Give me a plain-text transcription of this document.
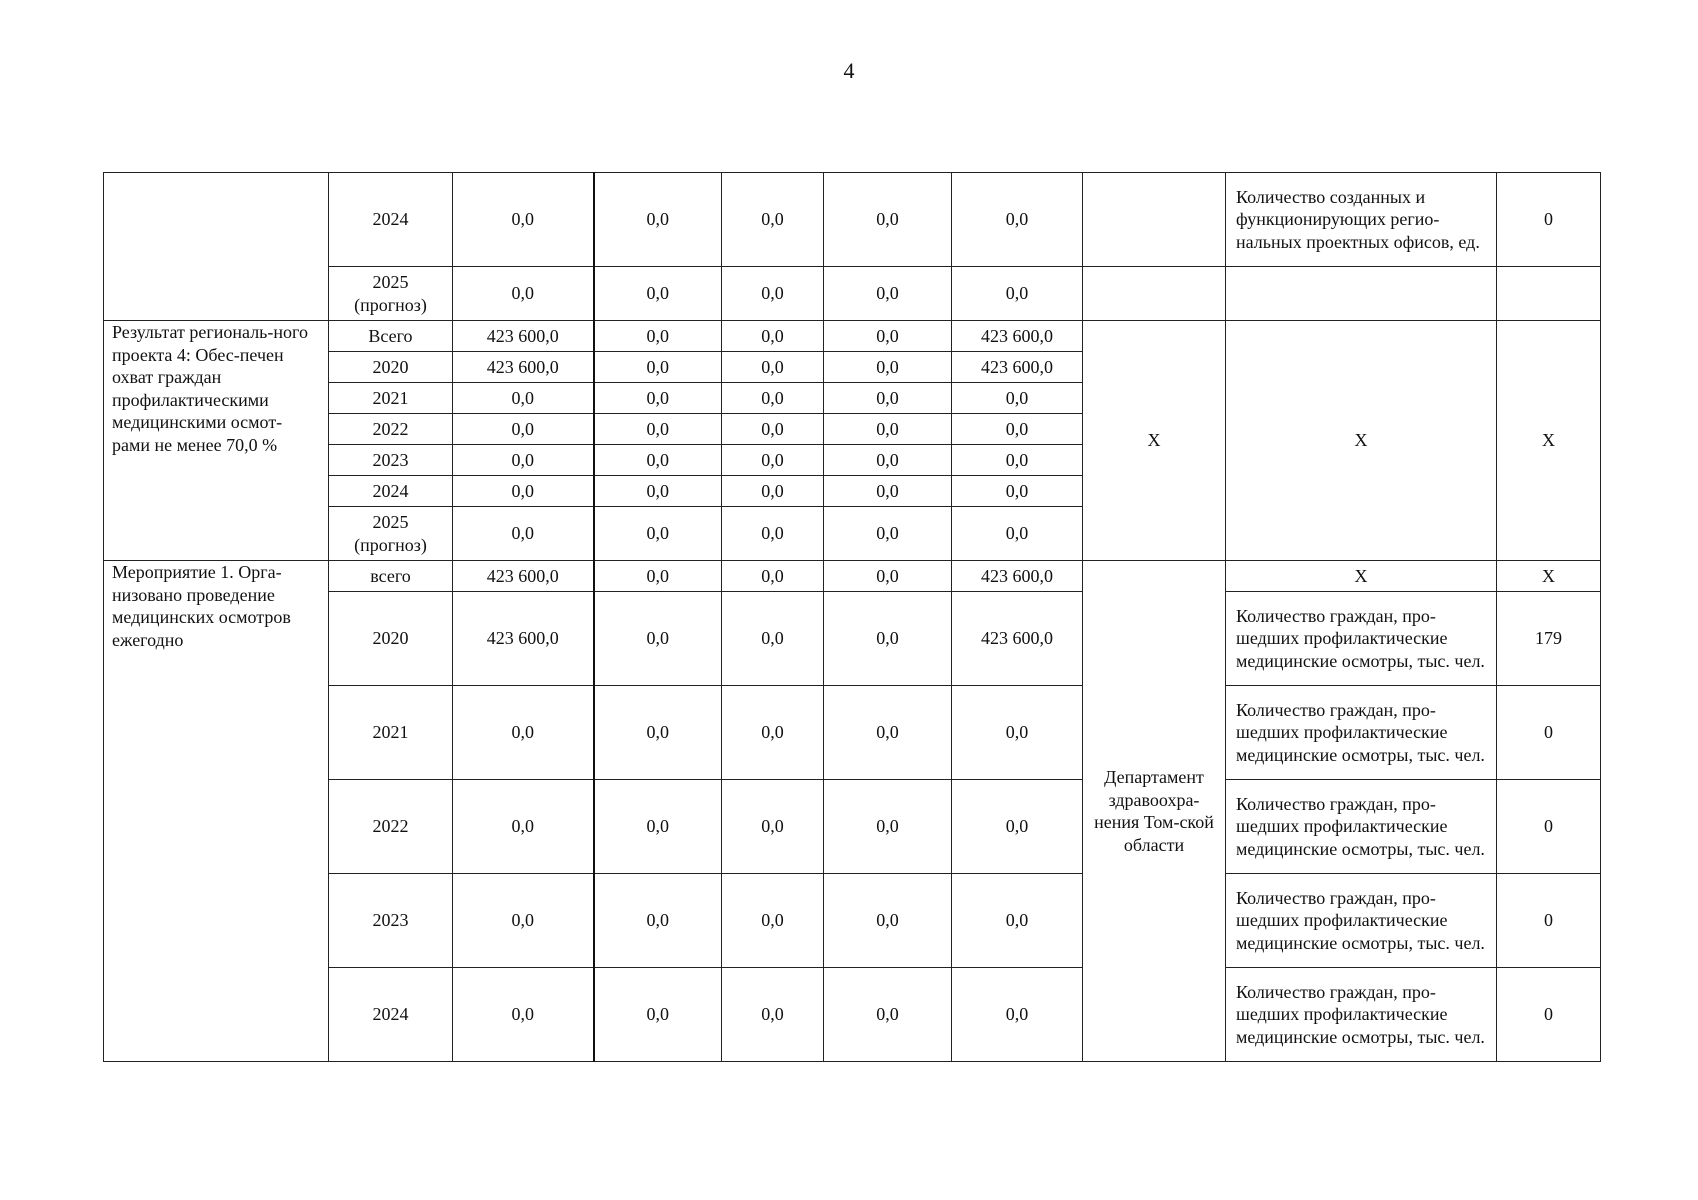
4
	2024	0,0	0,0	0,0	0,0	0,0		Количество созданных и функционирующих регио-нальных проектных офисов, ед.	0
	2025 (прогноз)	0,0	0,0	0,0	0,0	0,0			
Результат региональ-ного проекта 4: Обес-печен охват граждан профилактическими медицинскими осмот-рами не менее 70,0 %	Всего	423 600,0	0,0	0,0	0,0	423 600,0	Х	Х	Х
	2020	423 600,0	0,0	0,0	0,0	423 600,0			
	2021	0,0	0,0	0,0	0,0	0,0			
	2022	0,0	0,0	0,0	0,0	0,0			
	2023	0,0	0,0	0,0	0,0	0,0			
	2024	0,0	0,0	0,0	0,0	0,0			
	2025 (прогноз)	0,0	0,0	0,0	0,0	0,0			
Мероприятие 1. Орга-низовано проведение медицинских осмотров ежегодно	всего	423 600,0	0,0	0,0	0,0	423 600,0	Департамент здравоохра-нения Том-ской области	Х	Х
	2020	423 600,0	0,0	0,0	0,0	423 600,0		Количество граждан, про-шедших профилактические медицинские осмотры, тыс. чел.	179
	2021	0,0	0,0	0,0	0,0	0,0		Количество граждан, про-шедших профилактические медицинские осмотры, тыс. чел.	0
	2022	0,0	0,0	0,0	0,0	0,0		Количество граждан, про-шедших профилактические медицинские осмотры, тыс. чел.	0
	2023	0,0	0,0	0,0	0,0	0,0		Количество граждан, про-шедших профилактические медицинские осмотры, тыс. чел.	0
	2024	0,0	0,0	0,0	0,0	0,0		Количество граждан, про-шедших профилактические медицинские осмотры, тыс. чел.	0
